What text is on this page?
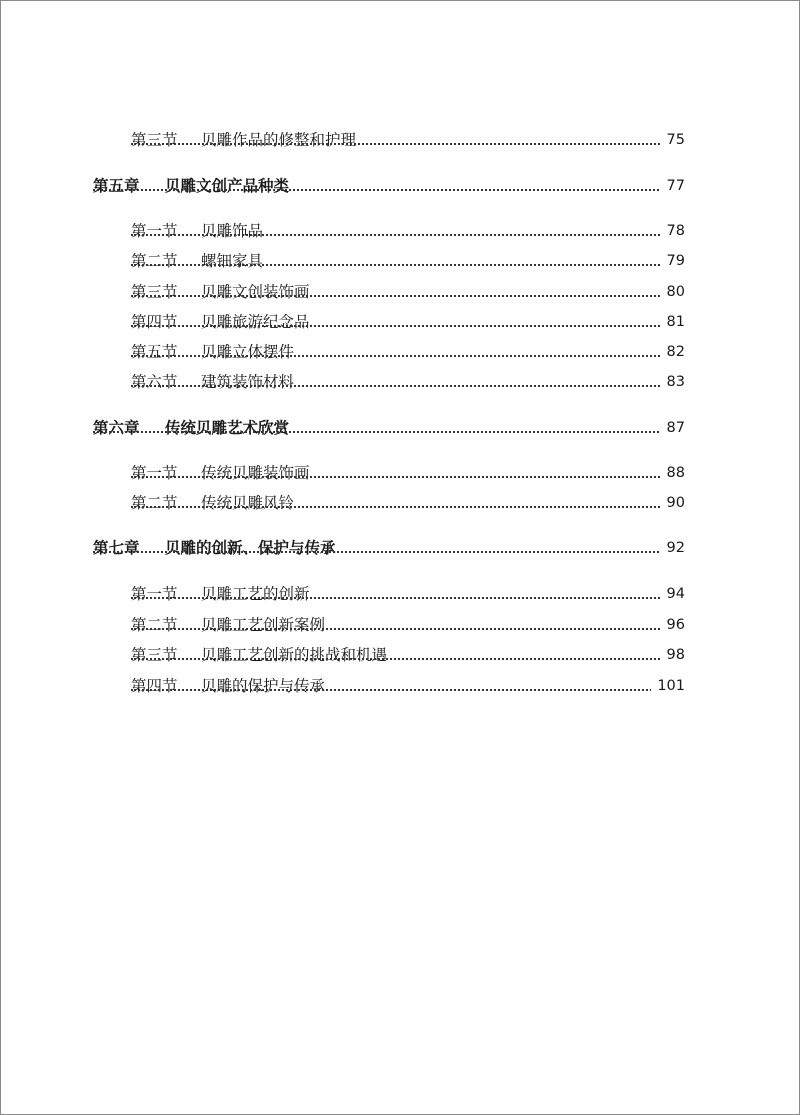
第三节 贝雕作品的修整和护理	75
第五章 贝雕文创产品种类	77
第一节 贝雕饰品	78
第二节 螺钿家具	79
第三节 贝雕文创装饰画	80
第四节 贝雕旅游纪念品	81
第五节 贝雕立体摆件	82
第六节 建筑装饰材料	83
第六章 传统贝雕艺术欣赏	87
第一节 传统贝雕装饰画	88
第二节 传统贝雕风铃	90
第七章 贝雕的创新、保护与传承	92
第一节 贝雕工艺的创新	94
第二节 贝雕工艺创新案例	96
第三节 贝雕工艺创新的挑战和机遇	98
第四节 贝雕的保护与传承	101
